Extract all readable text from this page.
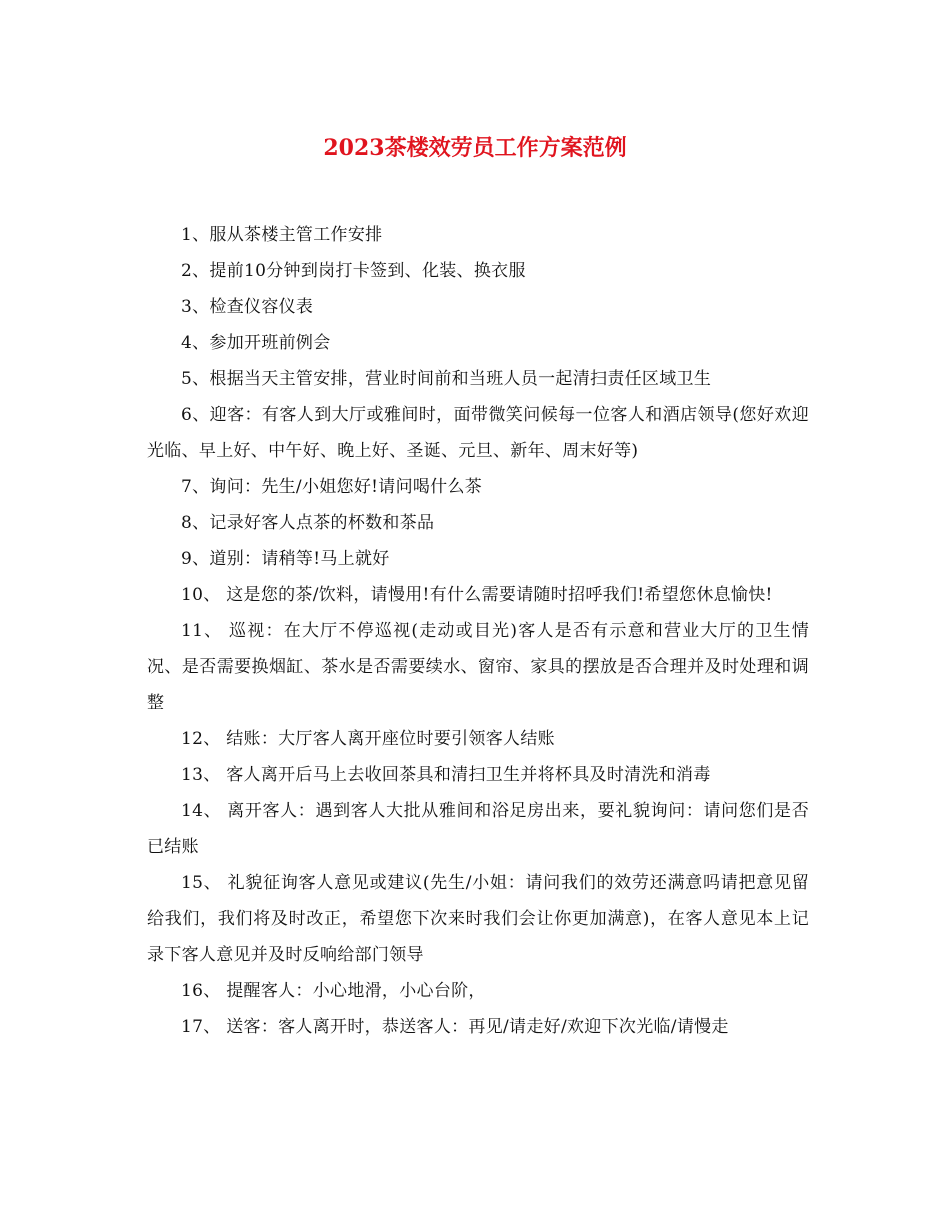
2023茶楼效劳员工作方案范例

1、服从茶楼主管工作安排

2、提前10分钟到岗打卡签到、化装、换衣服

3、检查仪容仪表

4、参加开班前例会

5、根据当天主管安排，营业时间前和当班人员一起清扫责任区域卫生

6、迎客：有客人到大厅或雅间时，面带微笑问候每一位客人和酒店领导(您好欢迎光临、早上好、中午好、晚上好、圣诞、元旦、新年、周末好等)

7、询问：先生/小姐您好!请问喝什么茶

8、记录好客人点茶的杯数和茶品

9、道别：请稍等!马上就好

10、 这是您的茶/饮料，请慢用!有什么需要请随时招呼我们!希望您休息愉快!

11、 巡视：在大厅不停巡视(走动或目光)客人是否有示意和营业大厅的卫生情况、是否需要换烟缸、茶水是否需要续水、窗帘、家具的摆放是否合理并及时处理和调整

12、 结账：大厅客人离开座位时要引领客人结账

13、 客人离开后马上去收回茶具和清扫卫生并将杯具及时清洗和消毒

14、 离开客人：遇到客人大批从雅间和浴足房出来，要礼貌询问：请问您们是否已结账

15、 礼貌征询客人意见或建议(先生/小姐：请问我们的效劳还满意吗请把意见留给我们，我们将及时改正，希望您下次来时我们会让你更加满意)，在客人意见本上记录下客人意见并及时反响给部门领导

16、 提醒客人：小心地滑，小心台阶，

17、 送客：客人离开时，恭送客人：再见/请走好/欢迎下次光临/请慢走
